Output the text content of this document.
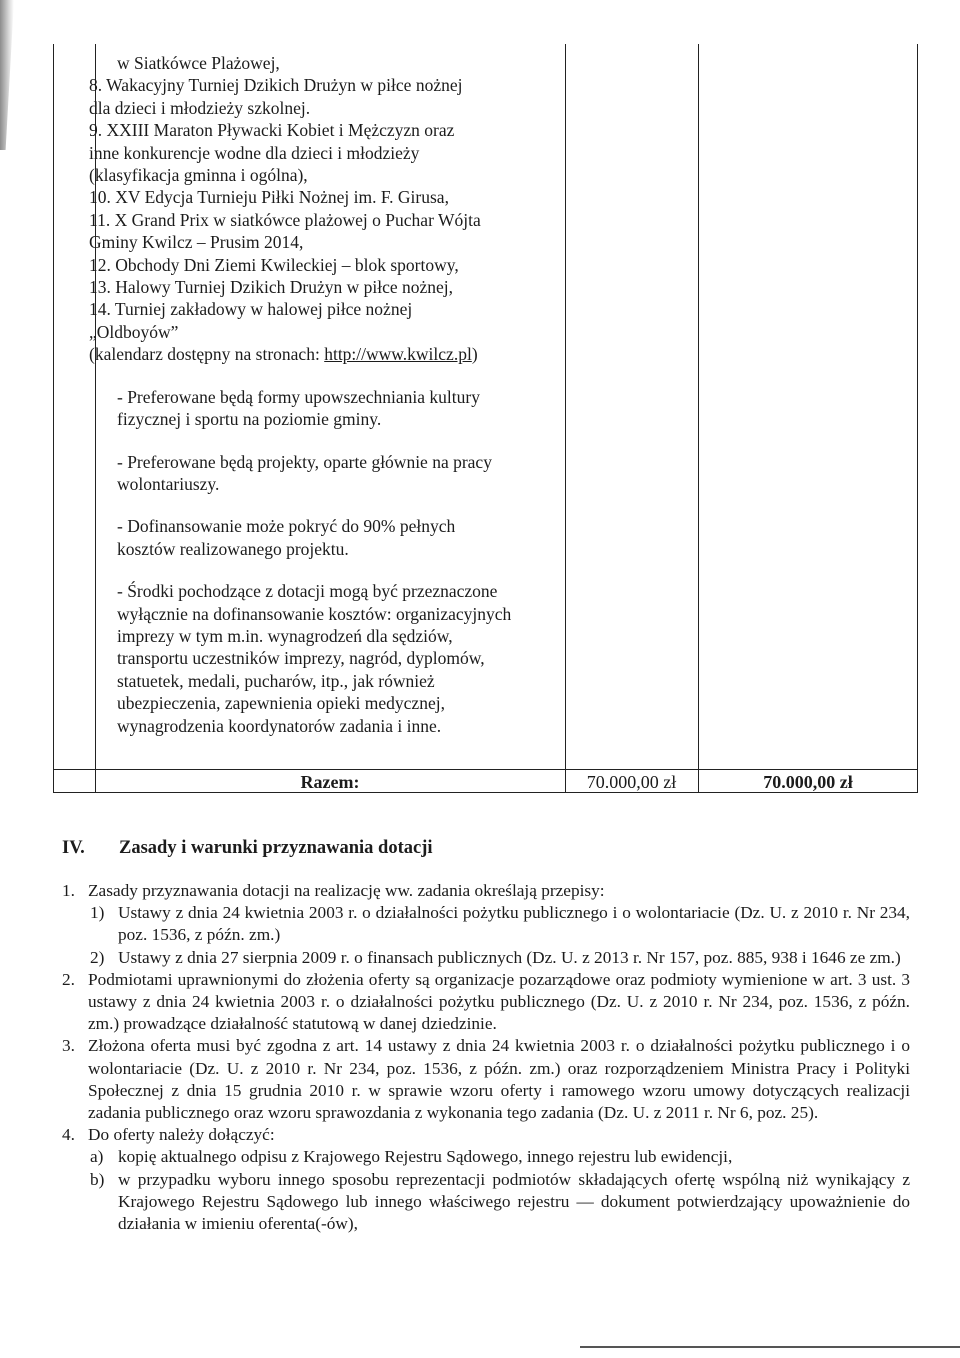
w Siatkówce Plażowej,
8. Wakacyjny Turniej Dzikich Drużyn w piłce nożnej
dla dzieci i młodzieży szkolnej.
9. XXIII Maraton Pływacki Kobiet i Mężczyzn oraz
inne konkurencje wodne dla dzieci i młodzieży
(klasyfikacja gminna i ogólna),
10. XV Edycja Turnieju Piłki Nożnej im. F. Girusa,
11. X Grand Prix w siatkówce plażowej o Puchar Wójta
Gminy Kwilcz – Prusim 2014,
12. Obchody Dni Ziemi Kwileckiej – blok sportowy,
13. Halowy Turniej Dzikich Drużyn w piłce nożnej,
14. Turniej zakładowy w halowej piłce nożnej
„Oldboyów”
(kalendarz dostępny na stronach: http://www.kwilcz.pl)
- Preferowane będą formy upowszechniania kultury
fizycznej i sportu na poziomie gminy.
- Preferowane będą projekty, oparte głównie na pracy
wolontariuszy.
- Dofinansowanie może pokryć do 90% pełnych
kosztów realizowanego projektu.
- Środki pochodzące z dotacji mogą być przeznaczone
wyłącznie na dofinansowanie kosztów: organizacyjnych
imprezy w tym m.in. wynagrodzeń dla sędziów,
transportu uczestników imprezy, nagród, dyplomów,
statuetek, medali, pucharów, itp., jak również
ubezpieczenia, zapewnienia opieki medycznej,
wynagrodzenia koordynatorów zadania i inne.
Razem:	70.000,00 zł	70.000,00 zł
IV. Zasady i warunki przyznawania dotacji
1. Zasady przyznawania dotacji na realizację ww. zadania określają przepisy:
1) Ustawy z dnia 24 kwietnia 2003 r. o działalności pożytku publicznego i o wolontariacie (Dz. U. z 2010 r. Nr 234, poz. 1536, z późn. zm.)
2) Ustawy z dnia 27 sierpnia 2009 r. o finansach publicznych (Dz. U. z 2013 r. Nr 157, poz. 885, 938 i 1646 ze zm.)
2. Podmiotami uprawnionymi do złożenia oferty są organizacje pozarządowe oraz podmioty wymienione w art. 3 ust. 3 ustawy z dnia 24 kwietnia 2003 r. o działalności pożytku publicznego (Dz. U. z 2010 r. Nr 234, poz. 1536, z późn. zm.) prowadzące działalność statutową w danej dziedzinie.
3. Złożona oferta musi być zgodna z art. 14 ustawy z dnia 24 kwietnia 2003 r. o działalności pożytku publicznego i o wolontariacie (Dz. U. z 2010 r. Nr 234, poz. 1536, z późn. zm.) oraz rozporządzeniem Ministra Pracy i Polityki Społecznej z dnia 15 grudnia 2010 r. w sprawie wzoru oferty i ramowego wzoru umowy dotyczących realizacji zadania publicznego oraz wzoru sprawozdania z wykonania tego zadania (Dz. U. z 2011 r. Nr 6, poz. 25).
4. Do oferty należy dołączyć:
a) kopię aktualnego odpisu z Krajowego Rejestru Sądowego, innego rejestru lub ewidencji,
b) w przypadku wyboru innego sposobu reprezentacji podmiotów składających ofertę wspólną niż wynikający z Krajowego Rejestru Sądowego lub innego właściwego rejestru — dokument potwierdzający upoważnienie do działania w imieniu oferenta(-ów),
